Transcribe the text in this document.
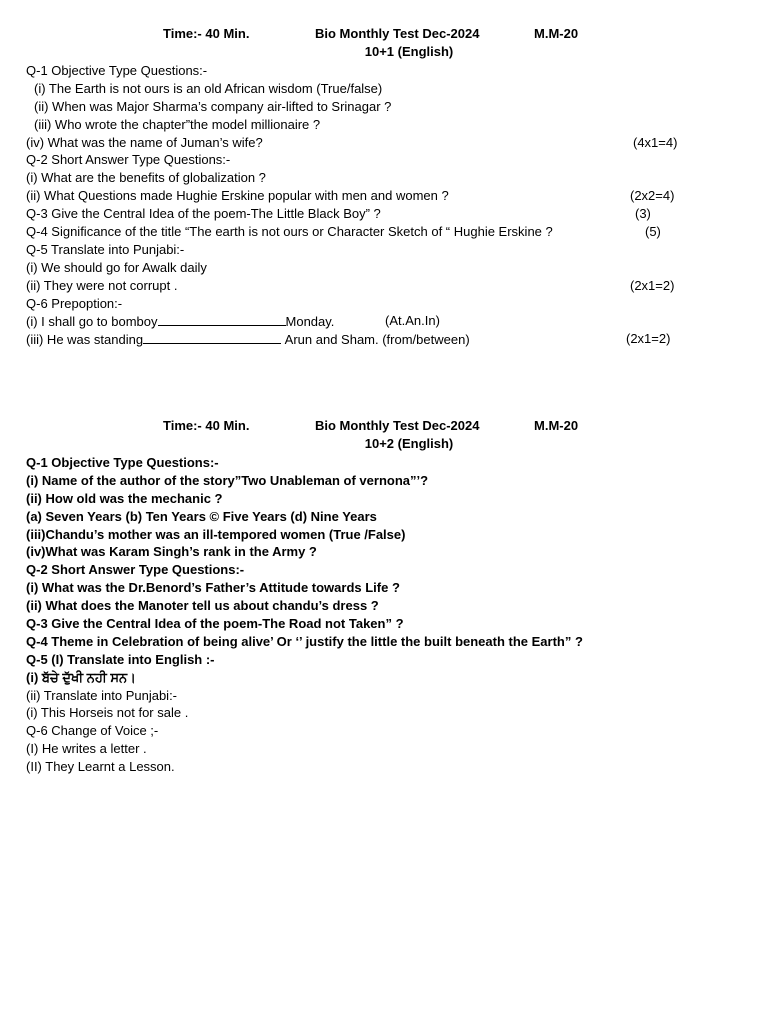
Time:- 40 Min.	Bio Monthly Test Dec-2024	M.M-20
10+1 (English)
Q-1 Objective Type Questions:-
(i) The Earth is not ours is an old African wisdom (True/false)
(ii) When was Major Sharma’s company air-lifted to Srinagar ?
(iii) Who wrote the chapter”the model millionaire ?
(iv) What was the name of Juman’s wife?	(4x1=4)
Q-2 Short Answer Type Questions:-
(i) What are the benefits of globalization ?
(ii) What Questions made Hughie Erskine popular with men and women ?	(2x2=4)
Q-3 Give the Central Idea of the poem-The Little Black Boy” ?	(3)
Q-4 Significance of the title “The earth is not ours or Character Sketch of “ Hughie Erskine ?	(5)
Q-5 Translate into Punjabi:-
(i) We should go for Awalk daily
(ii) They were not corrupt .	(2x1=2)
Q-6 Prepoption:-
(i) I shall go to bomboy	Monday.	(At.An.In)
(iii) He was standing	Arun and Sham. (from/between)	(2x1=2)
Time:- 40 Min.	Bio Monthly Test Dec-2024	M.M-20
10+2 (English)
Q-1 Objective Type Questions:-
(i) Name of the author of the story”Two Unableman of vernona”’?
(ii) How old was the mechanic ?
(a) Seven Years (b) Ten Years © Five Years (d) Nine Years
(iii)Chandu’s mother was an ill-tempored women (True /False)
(iv)What was Karam Singh’s rank in the Army ?
Q-2 Short Answer Type Questions:-
(i) What was the Dr.Benord’s Father’s Attitude towards Life ?
(ii) What does the Manoter tell us about chandu’s dress ?
Q-3 Give the Central Idea of the poem-The Road not Taken” ?
Q-4 Theme in Celebration of being alive’ Or ‘’ justify the little the built beneath the Earth” ?
Q-5 (I) Translate into English :-
(i) ਬੱਚੇ ਦੁੱਖੀ ਨਹੀ ਸਨ।
(ii) Translate into Punjabi:-
(i) This Horseis not for sale .
Q-6 Change of Voice ;-
(I) He writes a letter .
(II) They Learnt a Lesson.
